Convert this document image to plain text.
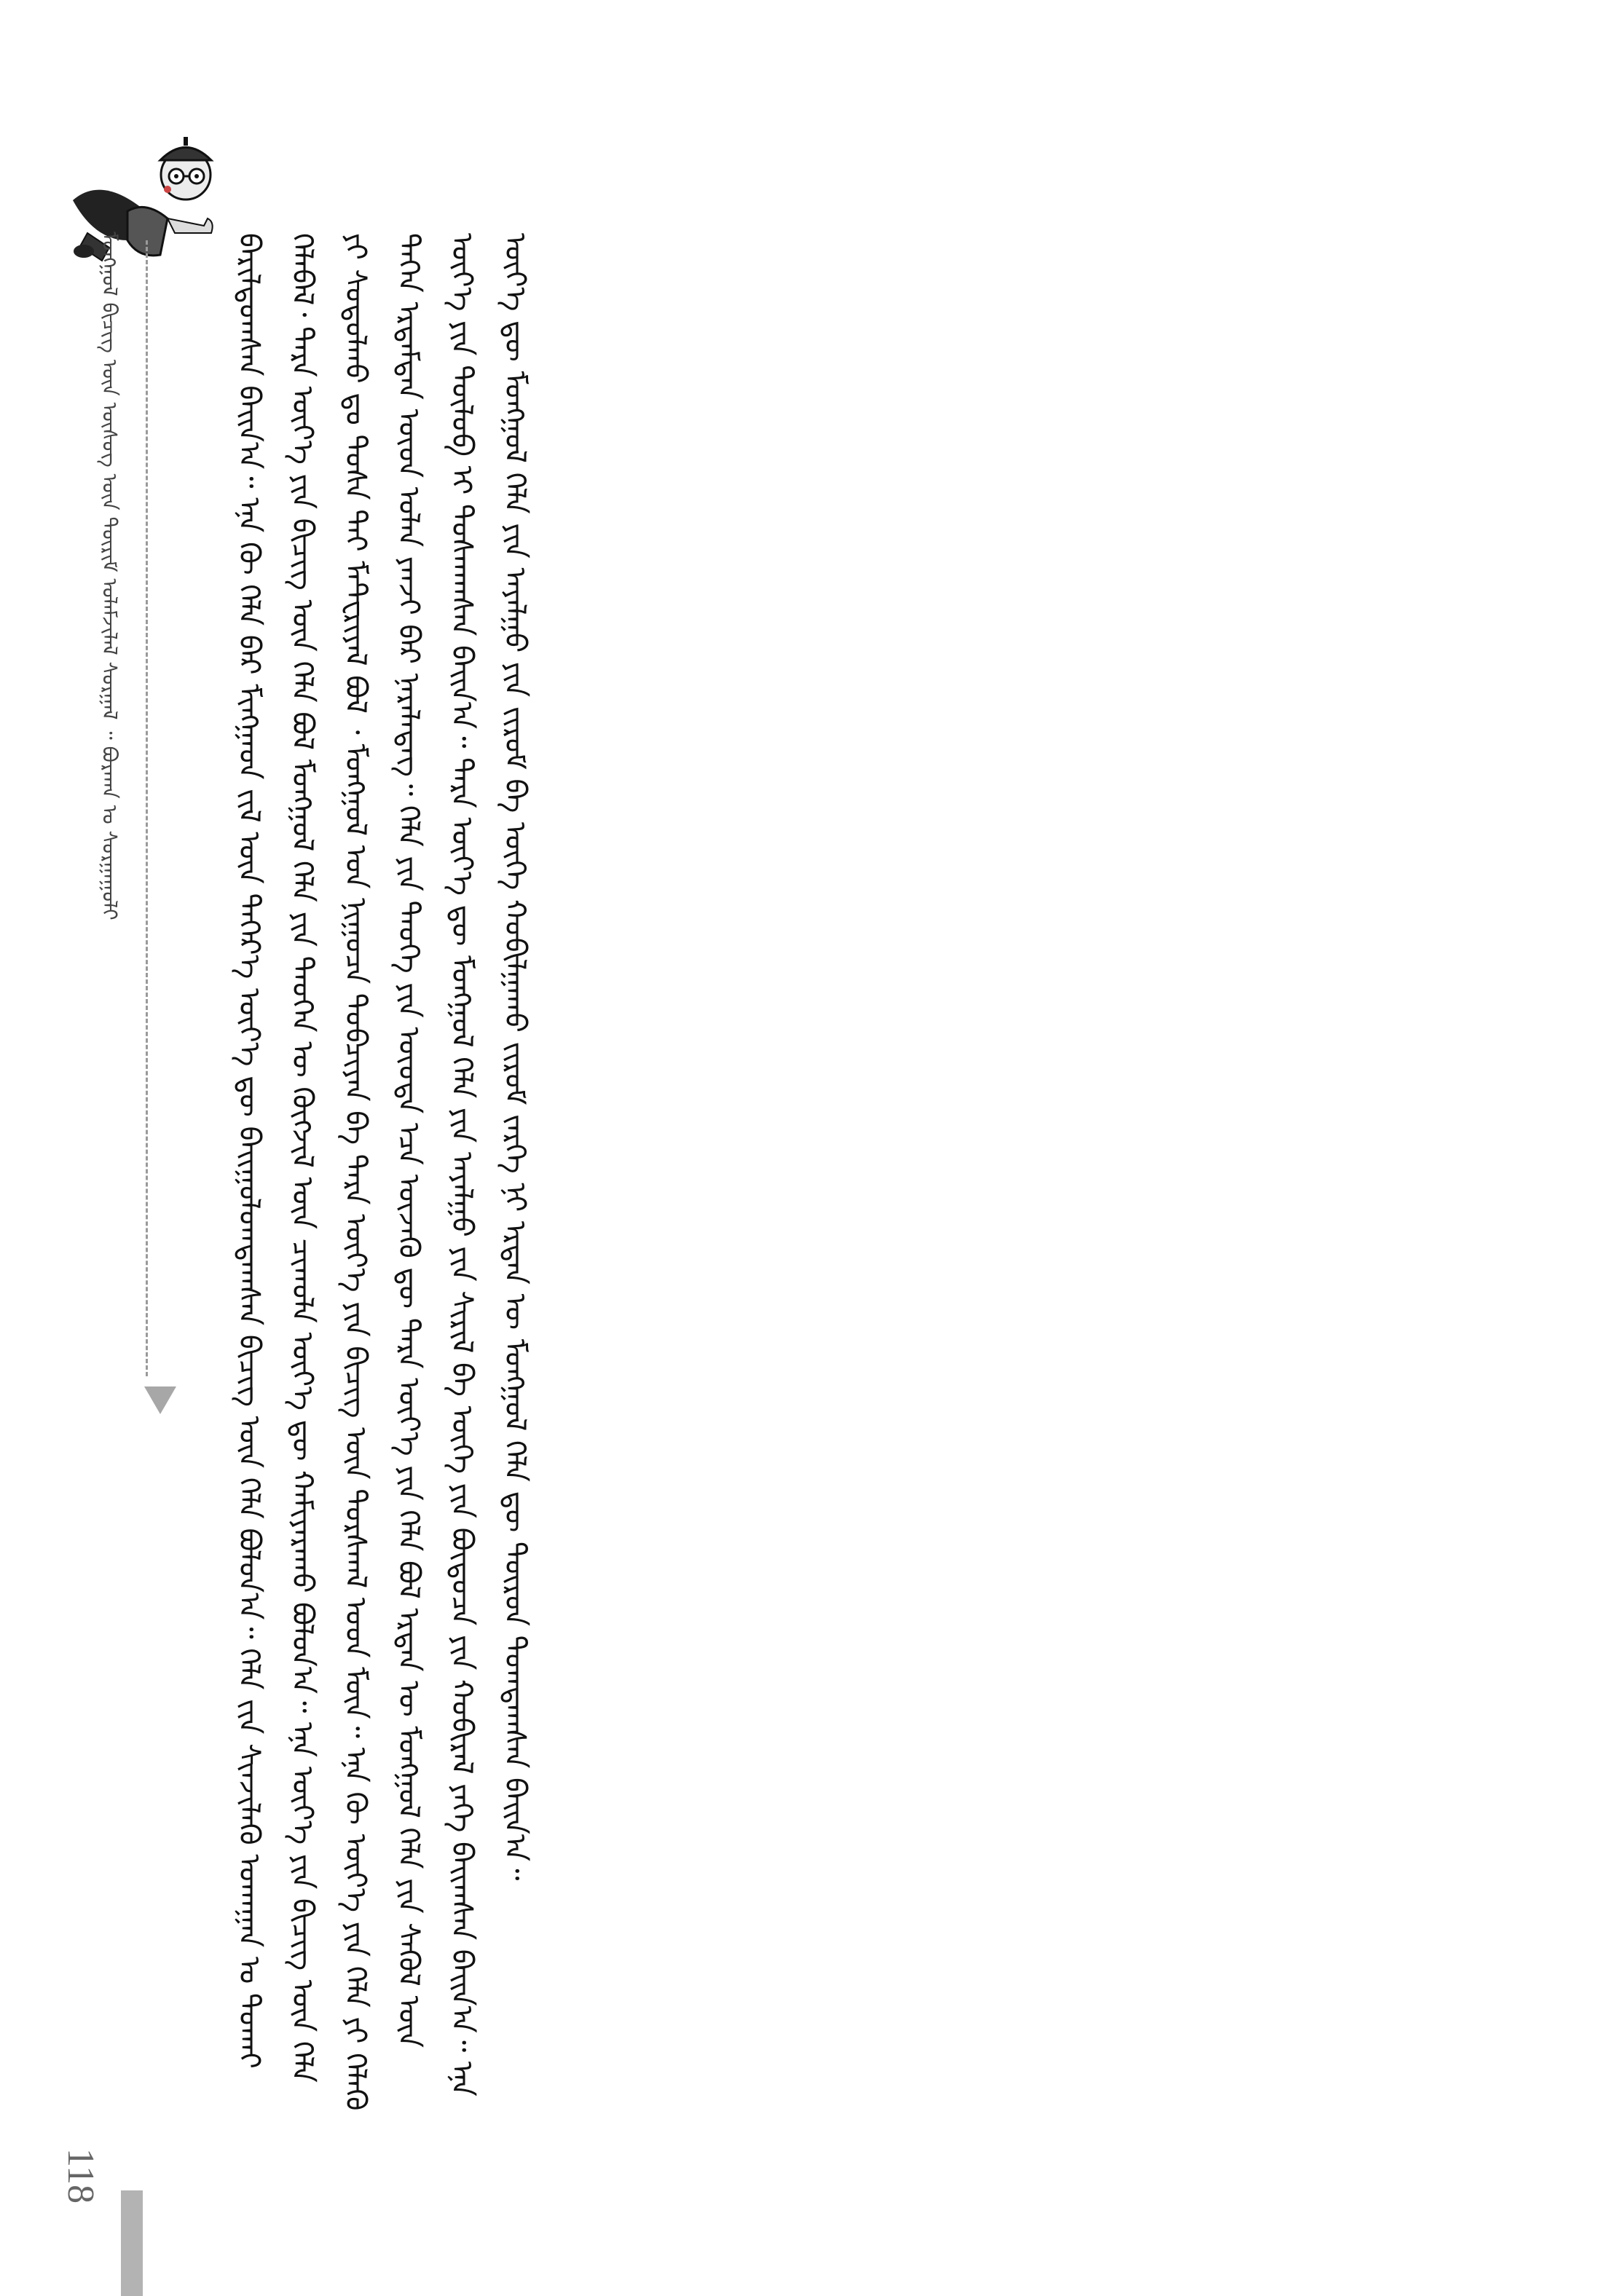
ᠮᠣᠩᠭᠣᠯ ᠪᠢᠴᠢᠭ ᠦᠨ ᠦᠰᠦᠭ ᠦᠨ ᠳᠦᠷᠢᠮ ᠤᠯᠠᠮᠵᠢᠯᠠᠯ ᠰᠤᠷᠭᠠᠯ ᠃ ᠪᠤᠷᠬᠠᠨ ᠤ ᠰᠤᠷᠭᠠᠭᠤᠯᠢ	ᠪᠠᠷᠢᠯᠳᠤᠭᠰᠠᠨ ᠪᠠᠢᠨ᠎ᠠ᠃ ᠡᠨᠡ ᠬᠦ ᠬᠡᠯᠡ ᠪᠡᠷ ᠮᠢᠩᠭᠠᠳ ᠵᠢᠯ ᠦᠨ ᠳᠡᠭᠡᠷ᠎ᠡ ᠦᠶ᠎ᠡ ᠳᠦ ᠪᠠᠢᠭᠤᠯᠤᠭᠳᠠᠭᠰᠠᠨ ᠪᠢᠴᠢᠭ ᠦᠨ ᠬᠡᠯᠡ ᠪᠣᠯᠤᠨ᠎ᠠ᠃ ᠬᠡᠯᠡ ᠵᠢᠨ ᠰᠢᠨᠵᠢᠯᠡᠬᠦ ᠤᠬᠠᠭᠠᠨ ᠤ ᠲᠤᠬᠠᠢ ᠬᠡᠯᠡᠪᠡᠯ᠂ ᠲᠡᠷᠡ ᠦᠶ᠎ᠡ ᠶᠢᠨ ᠪᠢᠴᠢᠭ ᠦᠨ ᠬᠡᠯᠡ ᠪᠣᠯ ᠮᠣᠩᠭᠣᠯ ᠬᠡᠯᠡ ᠶᠢᠨ ᠲᠡᠦᠬᠡᠨ ᠦ ᠬᠥᠭᠵᠢᠯ ᠦᠨ ᠴᠢᠬᠤᠯᠠ ᠦᠶ᠎ᠡ ᠳᠦ ᠬᠠᠮᠢᠶᠠᠷᠠᠬᠤ ᠪᠣᠯᠤᠨ᠎ᠠ᠃ ᠡᠨᠡ ᠦᠶ᠎ᠡ ᠶᠢᠨ ᠪᠢᠴᠢᠭ ᠦᠨ ᠬᠡᠯᠡ ᠶᠢ ᠰᠤᠳᠤᠯᠬᠤ ᠳᠤ ᠲᠤᠰᠠ ᠲᠠᠢ ᠮᠠᠲᠧᠷᠢᠶᠠᠯ ᠪᠣᠯ ᠂ ᠮᠣᠩᠭᠣᠯ ᠤᠨ ᠨᠢᠭᠤᠴᠠ ᠲᠣᠪᠴᠢᠶᠠᠨ ᠪᠠ ᠲᠡᠷᠡ ᠦᠶ᠎ᠡ ᠶᠢᠨ ᠪᠢᠴᠢᠭ᠌ ᠦᠨ ᠳᠤᠷᠰᠬᠠᠯ ᠤᠳ ᠮᠥᠨ᠃ ᠡᠨᠡ ᠬᠦ ᠦᠶ᠎ᠡ ᠶᠢᠨ ᠬᠡᠯᠡ ᠶᠢ ᠬᠡᠯᠡᠬᠦ ᠳᠡᠭᠡᠨ ᠡᠷᠳᠡᠮᠲᠡᠨ ᠦᠳ ᠣᠯᠠᠨ ᠶᠠᠨᠵᠢ ᠪᠡᠷ ᠨᠡᠷᠡᠯᠡᠳᠡᠭ᠃ ᠬᠡᠯᠡ ᠶᠢᠨ ᠲᠡᠦᠬᠡ ᠶᠢᠨ ᠦᠦᠳᠡ ᠡᠴᠡ ᠦᠵᠡᠬᠦ ᠳᠦ ᠲᠡᠷᠡ ᠦᠶ᠎ᠡ ᠶᠢᠨ ᠬᠡᠯᠡ ᠪᠣᠯ ᠡᠷᠲᠡᠨ ᠦ ᠮᠣᠩᠭᠣᠯ ᠬᠡᠯᠡ ᠶᠢᠨ ᠰᠡᠭᠦᠯ ᠦᠨ ᠦᠶ᠎ᠡ ᠶᠢᠨ ᠲᠥᠯᠦᠪ ᠢ ᠲᠤᠰᠬᠠᠭᠰᠠᠨ ᠪᠠᠢᠨ᠎ᠠ᠃ ᠲᠡᠷᠡ ᠦᠶ᠎ᠡ ᠳᠦ ᠮᠣᠩᠭᠣᠯ ᠬᠡᠯᠡ ᠶᠢᠨ ᠠᠶᠠᠯᠭᠤ ᠶᠢᠨ ᠰᠢᠷᠢᠯ ᠪᠠ ᠦᠭᠡ ᠶᠢᠨ ᠪᠦᠲᠦᠴᠡ ᠶᠢᠨ ᠬᠤᠪᠢᠷᠠᠯ ᠶᠡᠬᠡ ᠪᠠᠢᠭᠰᠠᠨ ᠪᠠᠢᠨ᠎ᠠ᠃ ᠡᠨᠡ ᠦᠶ᠎ᠡ ᠳᠦ ᠮᠣᠩᠭᠣᠯ ᠬᠡᠯᠡ ᠶᠢᠨ ᠠᠶᠠᠯᠭᠤ ᠶᠢᠨ ᠵᠢᠷᠤᠮ ᠪᠠ ᠦᠭᠡ ᠬᠤᠪᠢᠯᠭᠠᠬᠤ ᠵᠢᠷᠤᠮ ᠵᠡᠷᠭᠡ ᠨᠢ ᠡᠷᠲᠡᠨ ᠦ ᠮᠣᠩᠭᠣᠯ ᠬᠡᠯᠡ ᠳᠦ ᠲᠥᠷᠦᠨ ᠲᠣᠭᠲᠠᠭᠰᠠᠨ ᠪᠠᠢᠨ᠎ᠠ᠃

118
